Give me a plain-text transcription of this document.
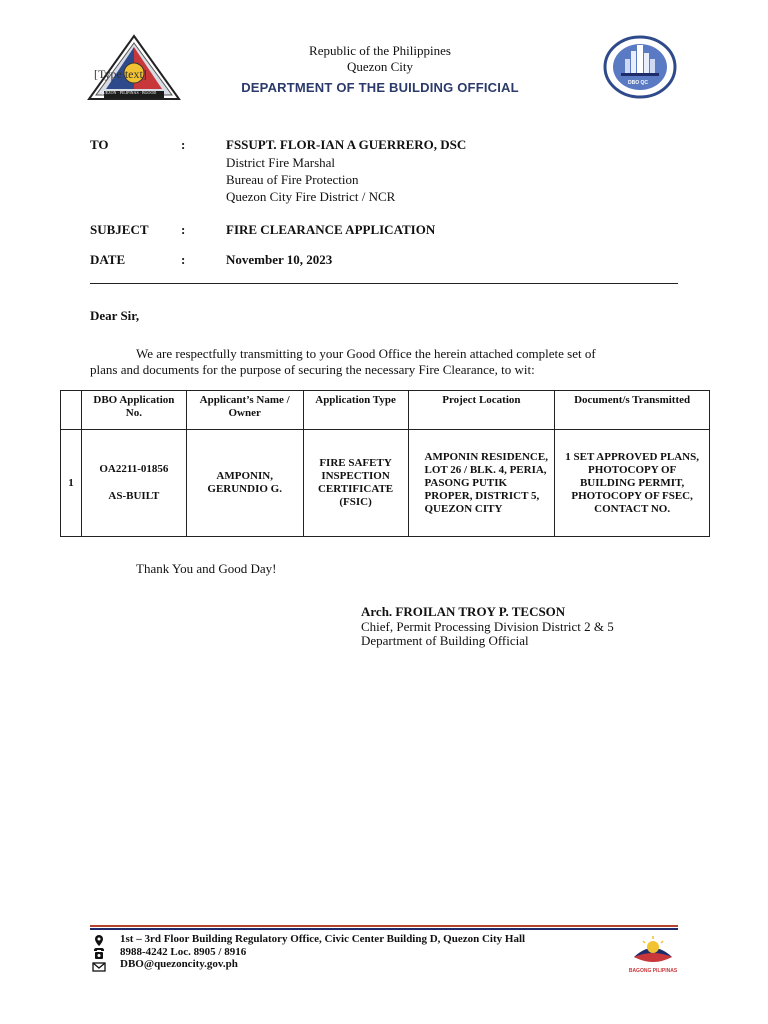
QUEZON · PILIPINAS · BGOOD
[Type text]
Republic of the Philippines
Quezon City
DEPARTMENT OF THE BUILDING OFFICIAL	DBO QC
TO	:	FSSUPT. FLOR-IAN A GUERRERO, DSC
District Fire Marshal
Bureau of Fire Protection
Quezon City Fire District / NCR
SUBJECT :	FIRE CLEARANCE APPLICATION
DATE	:	November 10, 2023
Dear Sir,
We are respectfully transmitting to your Good Office the herein attached complete set of
plans and documents for the purpose of securing the necessary Fire Clearance, to wit:
	DBO Application No.	Applicant’s Name / Owner	Application Type	Project Location	Document/s Transmitted
1	OA2211-01856
AS-BUILT	AMPONIN, GERUNDIO G.	FIRE SAFETY INSPECTION CERTIFICATE (FSIC)	AMPONIN RESIDENCE, LOT 26 / BLK. 4, PERIA, PASONG PUTIK PROPER, DISTRICT 5, QUEZON CITY	1 SET APPROVED PLANS, PHOTOCOPY OF BUILDING PERMIT, PHOTOCOPY OF FSEC, CONTACT NO.
Thank You and Good Day!
Arch. FROILAN TROY P. TECSON
Chief, Permit Processing Division District 2 & 5
Department of Building Official
1st – 3rd Floor Building Regulatory Office, Civic Center Building D, Quezon City Hall
8988-4242 Loc. 8905 / 8916
DBO@quezoncity.gov.ph
BAGONG PILIPINAS
